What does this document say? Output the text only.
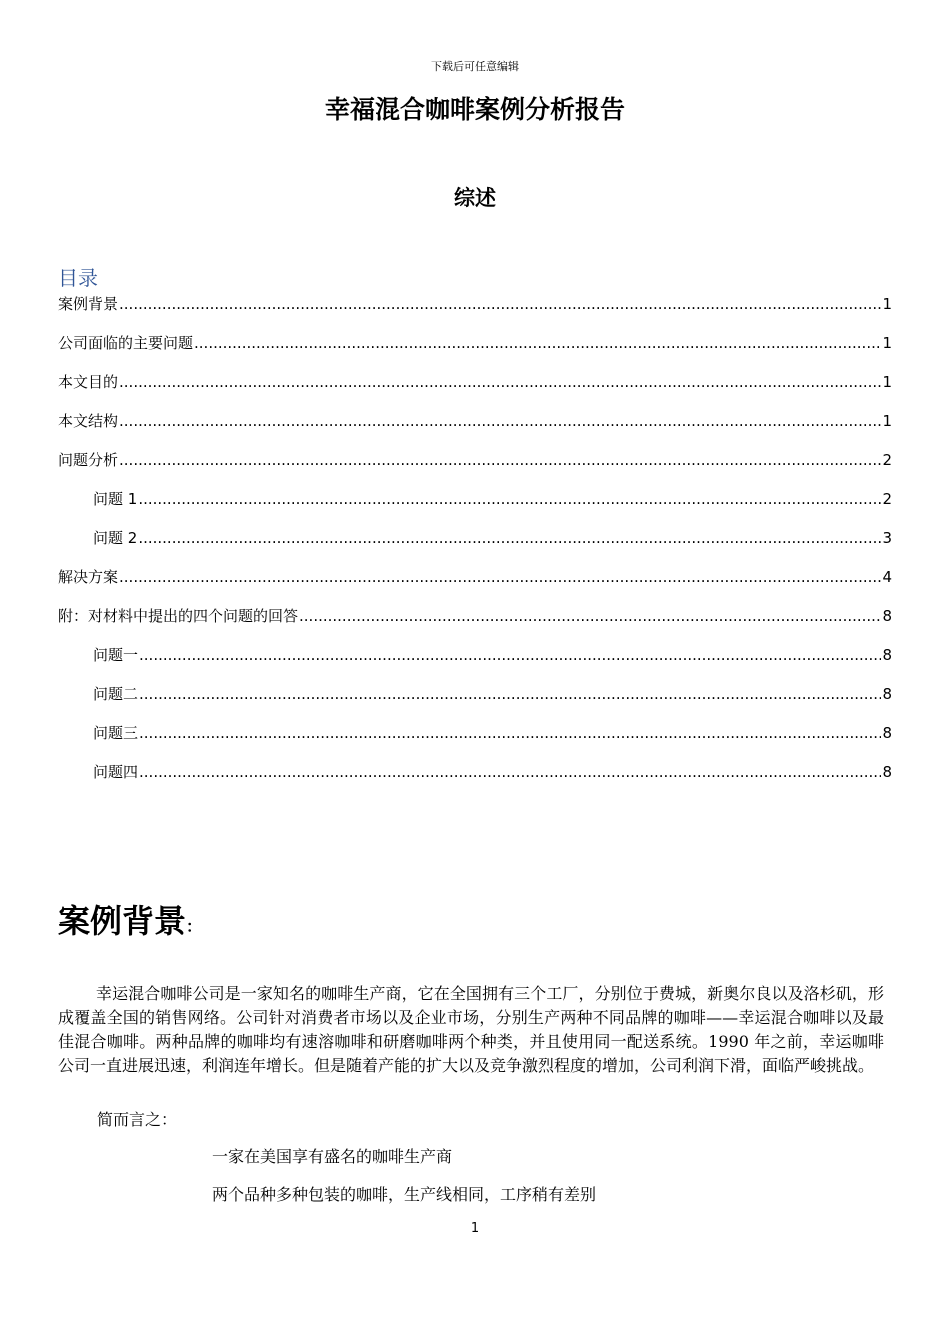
下载后可任意编辑
幸福混合咖啡案例分析报告
综述
目录
案例背景 .....	1
公司面临的主要问题 .....	1
本文目的 .....	1
本文结构 .....	1
问题分析 .....	2
问题 1 .....	2
问题 2 .....	3
解决方案 .....	4
附：对材料中提出的四个问题的回答 .....	8
问题一 .....	8
问题二 .....	8
问题三 .....	8
问题四 .....	8
案例背景：
幸运混合咖啡公司是一家知名的咖啡生产商，它在全国拥有三个工厂，分别位于费城，新奥尔良以及洛杉矶，形成覆盖全国的销售网络。公司针对消费者市场以及企业市场，分别生产两种不同品牌的咖啡——幸运混合咖啡以及最佳混合咖啡。两种品牌的咖啡均有速溶咖啡和研磨咖啡两个种类，并且使用同一配送系统。1990 年之前，幸运咖啡公司一直进展迅速，利润连年增长。但是随着产能的扩大以及竞争激烈程度的增加，公司利润下滑，面临严峻挑战。
简而言之：
一家在美国享有盛名的咖啡生产商
两个品种多种包装的咖啡，生产线相同，工序稍有差别
1
